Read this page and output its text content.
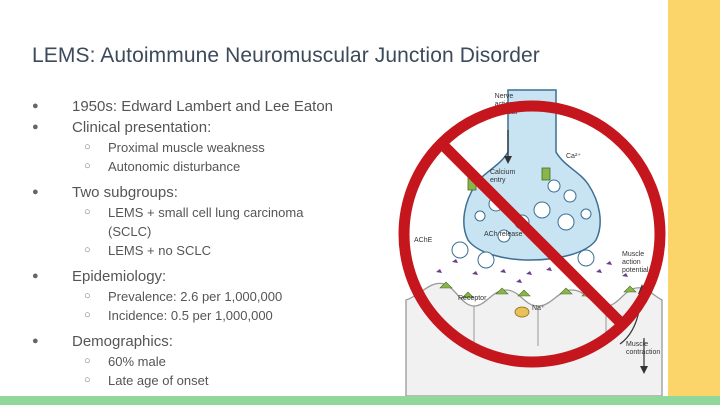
LEMS: Autoimmune Neuromuscular Junction Disorder
● 1950s: Edward Lambert and Lee Eaton
● Clinical presentation:
○ Proximal muscle weakness
○ Autonomic disturbance
● Two subgroups:
○ LEMS + small cell lung carcinoma
(SCLC)
○ LEMS + no SCLC
● Epidemiology:
○ Prevalence: 2.6 per 1,000,000
○ Incidence: 0.5 per 1,000,000
● Demographics:
○ 60% male
○ Late age of onset
Nerve action potential
Ca²⁺
Calcium entry
AChE
ACh release
Muscle action potential
Receptor
Na⁺
Muscle contraction
